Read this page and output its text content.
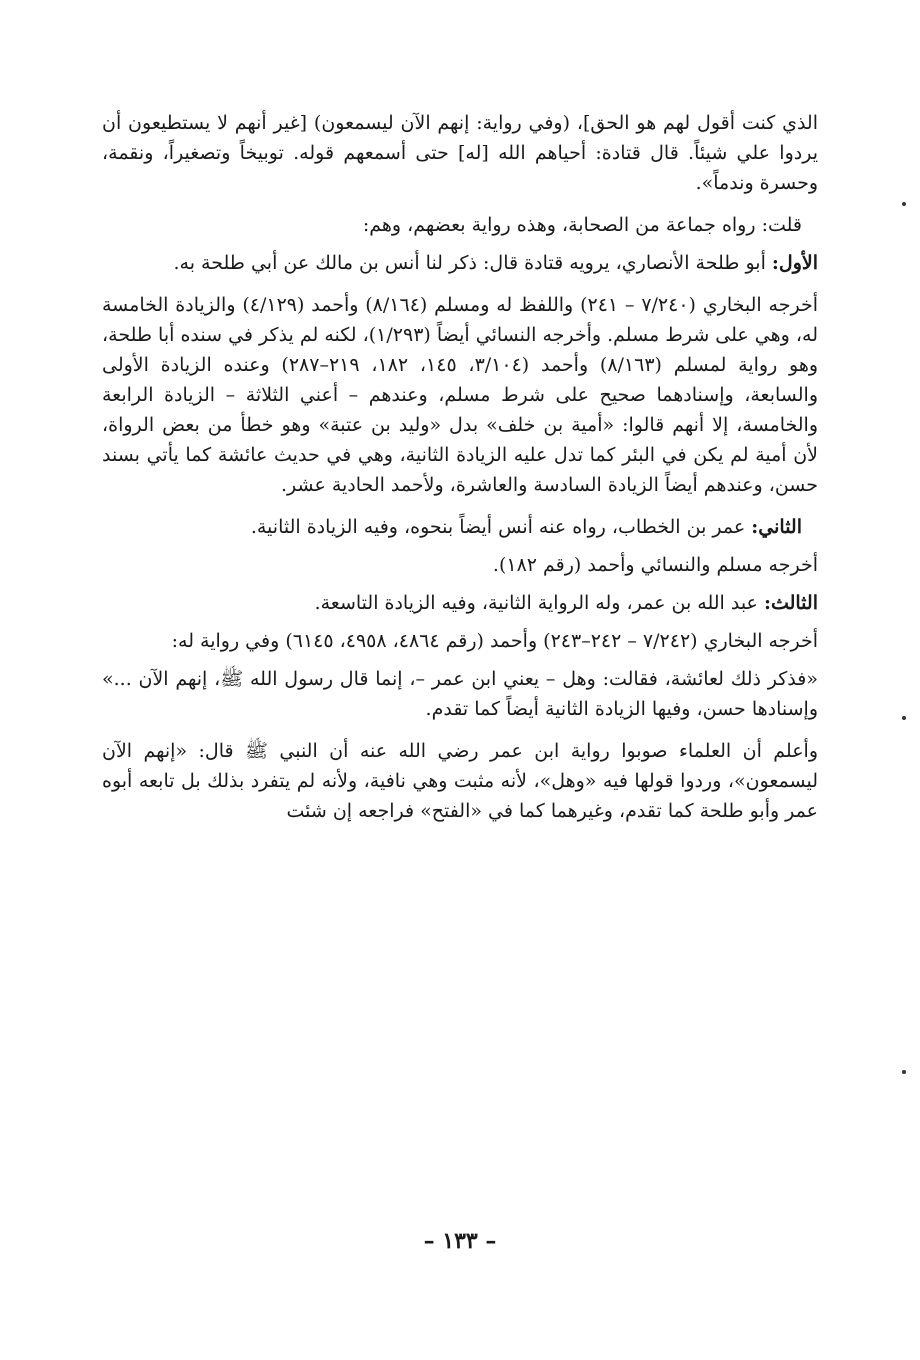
الذي كنت أقول لهم هو الحق]، (وفي رواية: إنهم الآن ليسمعون) [غير أنهم لا يستطيعون أن يردوا علي شيئاً. قال قتادة: أحياهم الله [له] حتى أسمعهم قوله. توبيخاً وتصغيراً، ونقمة، وحسرة وندماً».

قلت: رواه جماعة من الصحابة، وهذه رواية بعضهم، وهم:

الأول: أبو طلحة الأنصاري، يرويه قتادة قال: ذكر لنا أنس بن مالك عن أبي طلحة به.

أخرجه البخاري (٧/٢٤٠ – ٢٤١) واللفظ له ومسلم (٨/١٦٤) وأحمد (٤/١٢٩) والزيادة الخامسة له، وهي على شرط مسلم. وأخرجه النسائي أيضاً (١/٢٩٣)، لكنه لم يذكر في سنده أبا طلحة، وهو رواية لمسلم (٨/١٦٣) وأحمد (٣/١٠٤، ١٤٥، ١٨٢، ٢١٩–٢٨٧) وعنده الزيادة الأولى والسابعة، وإسنادهما صحيح على شرط مسلم، وعندهم – أعني الثلاثة – الزيادة الرابعة والخامسة، إلا أنهم قالوا: «أمية بن خلف» بدل «وليد بن عتبة» وهو خطأ من بعض الرواة، لأن أمية لم يكن في البئر كما تدل عليه الزيادة الثانية، وهي في حديث عائشة كما يأتي بسند حسن، وعندهم أيضاً الزيادة السادسة والعاشرة، ولأحمد الحادية عشر.

الثاني: عمر بن الخطاب، رواه عنه أنس أيضاً بنحوه، وفيه الزيادة الثانية.

أخرجه مسلم والنسائي وأحمد (رقم ١٨٢).

الثالث: عبد الله بن عمر، وله الرواية الثانية، وفيه الزيادة التاسعة.

أخرجه البخاري (٧/٢٤٢ – ٢٤٢–٢٤٣) وأحمد (رقم ٤٨٦٤، ٤٩٥٨، ٦١٤٥) وفي رواية له:

«فذكر ذلك لعائشة، فقالت: وهل – يعني ابن عمر –، إنما قال رسول الله ﷺ، إنهم الآن ...» وإسنادها حسن، وفيها الزيادة الثانية أيضاً كما تقدم.

وأعلم أن العلماء صوبوا رواية ابن عمر رضي الله عنه أن النبي ﷺ قال: «إنهم الآن ليسمعون»، وردوا قولها فيه «وهل»، لأنه مثبت وهي نافية، ولأنه لم يتفرد بذلك بل تابعه أبوه عمر وأبو طلحة كما تقدم، وغيرهما كما في «الفتح» فراجعه إن شئت

– ١٣٣ –
